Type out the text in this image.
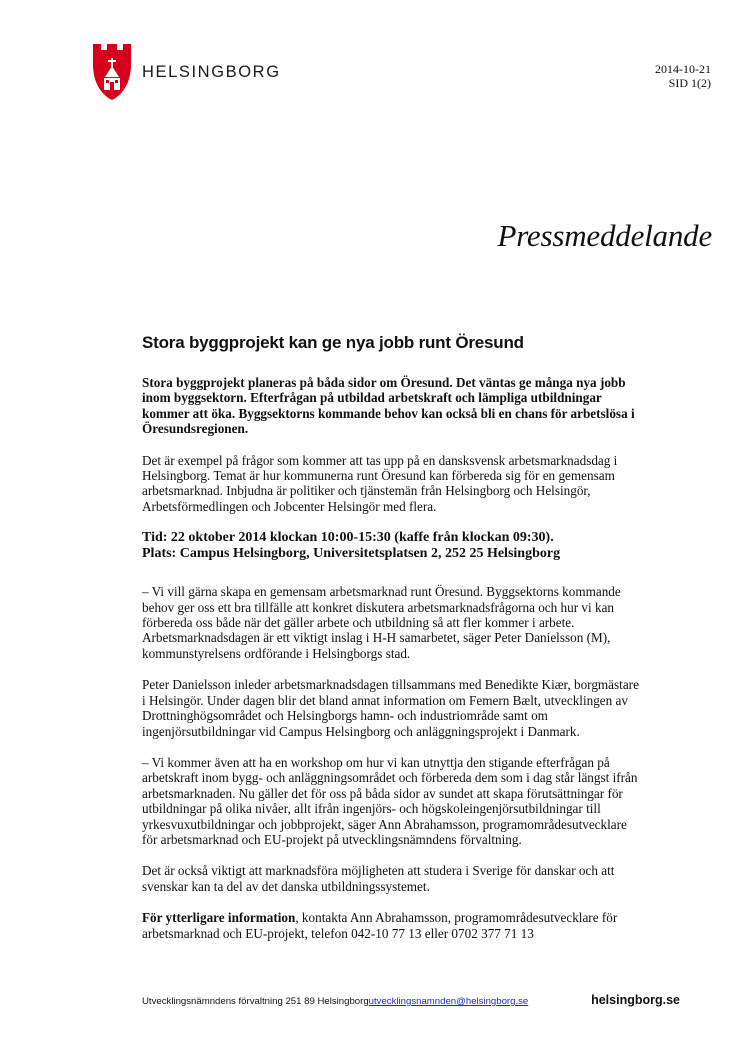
HELSINGBORG	2014-10-21
SID 1(2)
Pressmeddelande
Stora byggprojekt kan ge nya jobb runt Öresund

Stora byggprojekt planeras på båda sidor om Öresund. Det väntas ge många nya jobb inom byggsektorn. Efterfrågan på utbildad arbetskraft och lämpliga utbildningar kommer att öka. Byggsektorns kommande behov kan också bli en chans för arbetslösa i Öresundsregionen.

Det är exempel på frågor som kommer att tas upp på en dansksvensk arbetsmarknadsdag i Helsingborg. Temat är hur kommunerna runt Öresund kan förbereda sig för en gemensam arbetsmarknad. Inbjudna är politiker och tjänstemän från Helsingborg och Helsingör, Arbetsförmedlingen och Jobcenter Helsingör med flera.

Tid: 22 oktober 2014 klockan 10:00-15:30 (kaffe från klockan 09:30).

Plats: Campus Helsingborg, Universitetsplatsen 2, 252 25 Helsingborg

– Vi vill gärna skapa en gemensam arbetsmarknad runt Öresund. Byggsektorns kommande behov ger oss ett bra tillfälle att konkret diskutera arbetsmarknadsfrågorna och hur vi kan förbereda oss både när det gäller arbete och utbildning så att fler kommer i arbete. Arbetsmarknadsdagen är ett viktigt inslag i H-H samarbetet, säger Peter Danielsson (M), kommunstyrelsens ordförande i Helsingborgs stad.

Peter Danielsson inleder arbetsmarknadsdagen tillsammans med Benedikte Kiær, borgmästare i Helsingör. Under dagen blir det bland annat information om Femern Bælt, utvecklingen av Drottninghögsområdet och Helsingborgs hamn- och industriområde samt om ingenjörsutbildningar vid Campus Helsingborg och anläggningsprojekt i Danmark.

– Vi kommer även att ha en workshop om hur vi kan utnyttja den stigande efterfrågan på arbetskraft inom bygg- och anläggningsområdet och förbereda dem som i dag står längst ifrån arbetsmarknaden. Nu gäller det för oss på båda sidor av sundet att skapa förutsättningar för utbildningar på olika nivåer, allt ifrån ingenjörs- och högskoleingenjörsutbildningar till yrkesvuxutbildningar och jobbprojekt, säger Ann Abrahamsson, programområdesutvecklare för arbetsmarknad och EU-projekt på utvecklingsnämndens förvaltning.

Det är också viktigt att marknadsföra möjligheten att studera i Sverige för danskar och att svenskar kan ta del av det danska utbildningssystemet.

För ytterligare information, kontakta Ann Abrahamsson, programområdesutvecklare för arbetsmarknad och EU-projekt, telefon 042-10 77 13 eller 0702 377 71 13

Utvecklingsnämndens förvaltning 251 89 Helsingborgutvecklingsnamnden@helsingborg.se	helsingborg.se
